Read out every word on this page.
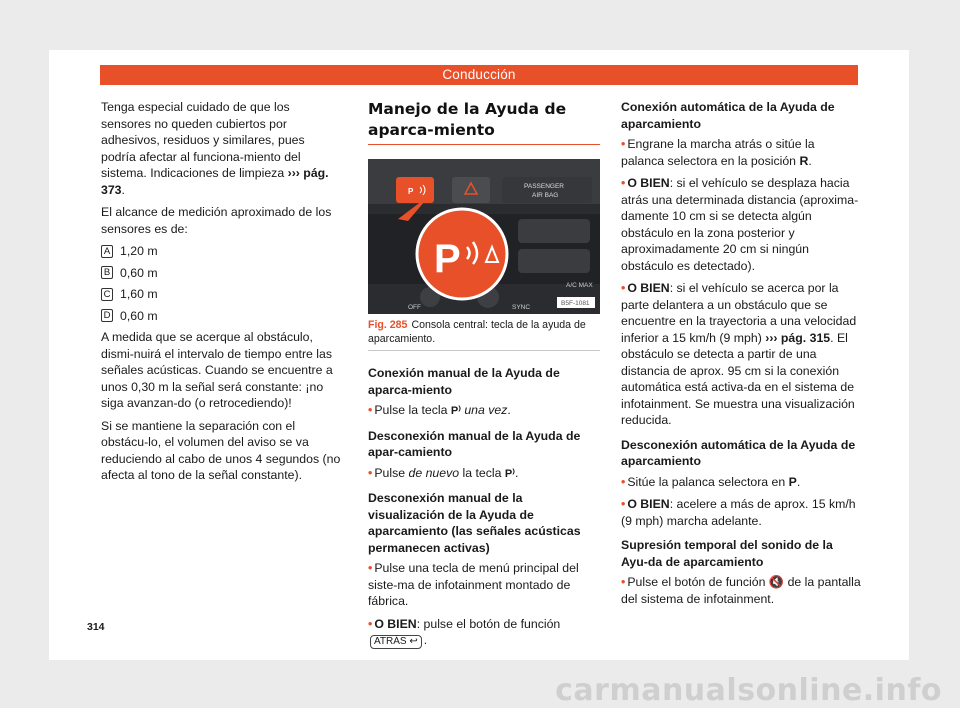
Conducción

Tenga especial cuidado de que los sensores no queden cubiertos por adhesivos, residuos y similares, pues podría afectar al funciona-miento del sistema. Indicaciones de limpieza ››› pág. 373.

El alcance de medición aproximado de los sensores es de:

A 1,20 m
B 0,60 m
C 1,60 m
D 0,60 m

A medida que se acerque al obstáculo, dismi-nuirá el intervalo de tiempo entre las señales acústicas. Cuando se encuentre a unos 0,30 m la señal será constante: ¡no siga avanzan-do (o retrocediendo)!

Si se mantiene la separación con el obstácu-lo, el volumen del aviso se va reduciendo al cabo de unos 4 segundos (no afecta al tono de la señal constante).

Manejo de la Ayuda de aparca-miento
P
PASSENGER
AIR BAG
OFF	SYNC
A/C MAX
P
B5F-1081
Fig. 285 Consola central: tecla de la ayuda de aparcamiento.
Conexión manual de la Ayuda de aparca-miento

• Pulse la tecla P⁾ una vez.

Desconexión manual de la Ayuda de apar-camiento

• Pulse de nuevo la tecla P⁾.

Desconexión manual de la visualización de la Ayuda de aparcamiento (las señales acústicas permanecen activas)

• Pulse una tecla de menú principal del siste-ma de infotainment montado de fábrica.

• O BIEN: pulse el botón de función ATRÁS ↩ .

Conexión automática de la Ayuda de aparcamiento

• Engrane la marcha atrás o sitúe la palanca selectora en la posición R.

• O BIEN: si el vehículo se desplaza hacia atrás una determinada distancia (aproxima-damente 10 cm si se detecta algún obstáculo en la zona posterior y aproximadamente 20 cm si ningún obstáculo es detectado).

• O BIEN: si el vehículo se acerca por la parte delantera a un obstáculo que se encuentre en la trayectoria a una velocidad inferior a 15 km/h (9 mph) ››› pág. 315. El obstáculo se detecta a partir de una distancia de aprox. 95 cm si la conexión automática está activa-da en el sistema de infotainment. Se muestra una visualización reducida.

Desconexión automática de la Ayuda de aparcamiento

• Sitúe la palanca selectora en P.

• O BIEN: acelere a más de aprox. 15 km/h (9 mph) marcha adelante.

Supresión temporal del sonido de la Ayu-da de aparcamiento

• Pulse el botón de función 🔇 de la pantalla del sistema de infotainment.

314
carmanualsonline.info
